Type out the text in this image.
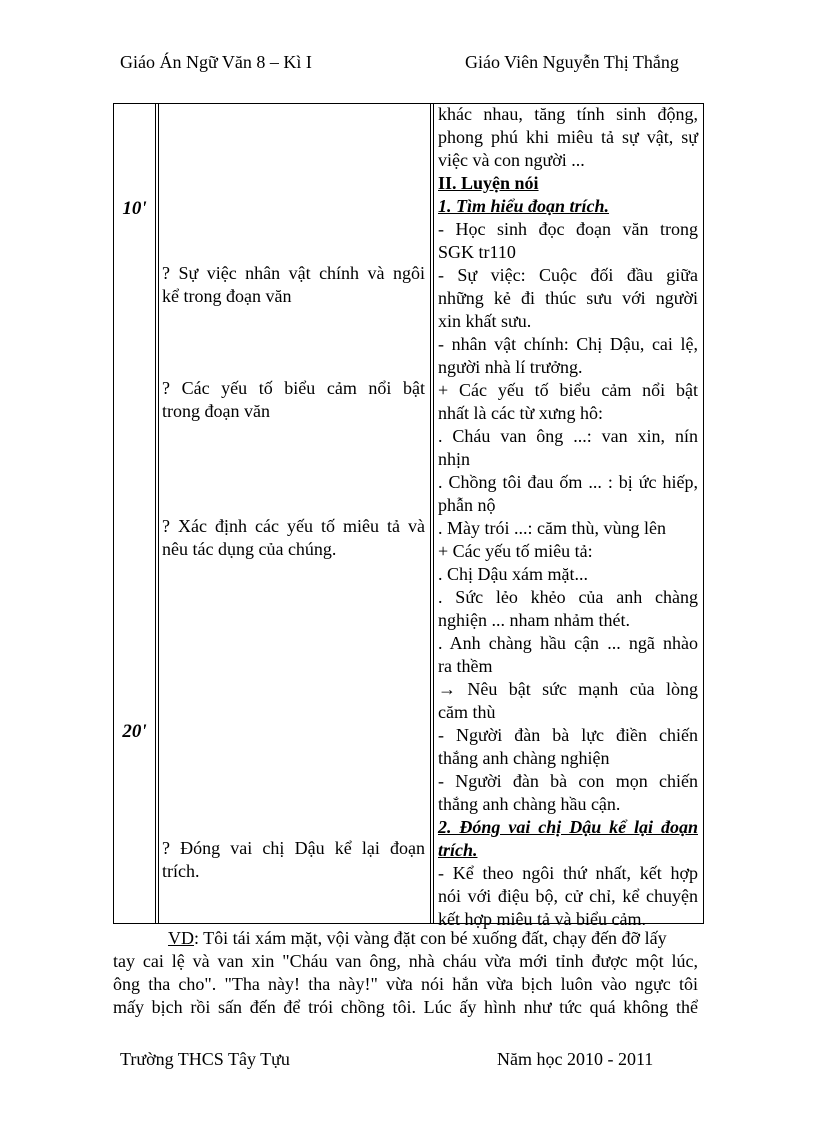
Giáo Án Ngữ Văn 8 – Kì I	Giáo Viên Nguyễn Thị Thắng
10'
20'
? Sự việc nhân vật chính và ngôi
kể trong đoạn văn
? Các yếu tố biểu cảm nổi bật
trong đoạn văn
? Xác định các yếu tố miêu tả và
nêu tác dụng của chúng.
? Đóng vai chị Dậu kể lại đoạn
trích.
khác nhau, tăng tính sinh động,
phong phú khi miêu tả sự vật, sự
việc và con người ...
II. Luyện nói
1. Tìm hiểu đoạn trích.
- Học sinh đọc đoạn văn trong
SGK tr110
- Sự việc: Cuộc đối đầu giữa
những kẻ đi thúc sưu với người
xin khất sưu.
- nhân vật chính: Chị Dậu, cai lệ,
người nhà lí trưởng.
+ Các yếu tố biểu cảm nổi bật
nhất là các từ xưng hô:
. Cháu van ông ...: van xin, nín
nhịn
. Chồng tôi đau ốm ... : bị ức hiếp,
phẫn nộ
. Mày trói ...: căm thù, vùng lên
+ Các yếu tố miêu tả:
. Chị Dậu xám mặt...
. Sức lẻo khẻo của anh chàng
nghiện ... nham nhảm thét.
. Anh chàng hầu cận ... ngã nhào
ra thềm
→ Nêu bật sức mạnh của lòng
căm thù
- Người đàn bà lực điền chiến
thắng anh chàng nghiện
- Người đàn bà con mọn chiến
thắng anh chàng hầu cận.
2. Đóng vai chị Dậu kể lại đoạn
trích.
- Kể theo ngôi thứ nhất, kết hợp
nói với điệu bộ, cử chỉ, kể chuyện
kết hợp miêu tả và biểu cảm.
VD: Tôi tái xám mặt, vội vàng đặt con bé xuống đất, chạy đến đỡ lấy
tay cai lệ và van xin "Cháu van ông, nhà cháu vừa mới tỉnh được một lúc,
ông tha cho". "Tha này! tha này!" vừa nói hắn vừa bịch luôn vào ngực tôi
mấy bịch rồi sấn đến để trói chồng tôi. Lúc ấy hình như tức quá không thể
Trường THCS Tây Tựu	Năm học 2010 - 2011
